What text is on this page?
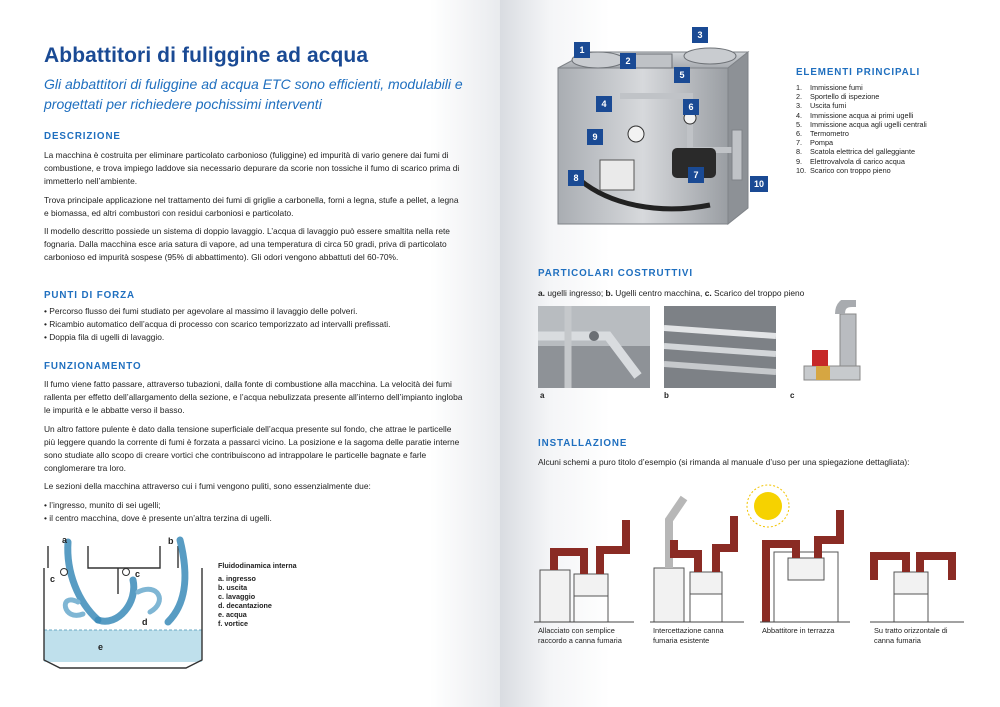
Abbattitori di fuliggine ad acqua

Gli abbattitori di fuliggine ad acqua ETC sono efficienti, modulabili e progettati per richiedere pochissimi interventi

DESCRIZIONE

La macchina è costruita per eliminare particolato carbonioso (fuliggine) ed impurità di vario genere dai fumi di combustione, e trova impiego laddove sia necessario depurare da scorie non tossiche il fumo di scarico prima di immetterlo nell’ambiente.

Trova principale applicazione nel trattamento dei fumi di griglie a carbonella, forni a legna, stufe a pellet, a legna e biomassa, ed altri combustori con residui carboniosi e particolato.

Il modello descritto possiede un sistema di doppio lavaggio. L’acqua di lavaggio può essere smaltita nella rete fognaria. Dalla macchina esce aria satura di vapore, ad una temperatura di circa 50 gradi, priva di particolato carbonioso ed impurità sospese (95% di abbattimento). Gli odori vengono abbattuti del 60-70%.

PUNTI DI FORZA
• Percorso flusso dei fumi studiato per agevolare al massimo il lavaggio delle polveri.
• Ricambio automatico dell’acqua di processo con scarico temporizzato ad intervalli prefissati.
• Doppia fila di ugelli di lavaggio.
FUNZIONAMENTO

Il fumo viene fatto passare, attraverso tubazioni, dalla fonte di combustione alla macchina. La velocità dei fumi rallenta per effetto dell’allargamento della sezione, e l’acqua nebulizzata presente all’interno dell’impianto ingloba le impurità e le abbatte verso il basso.

Un altro fattore pulente è dato dalla tensione superficiale dell’acqua presente sul fondo, che attrae le particelle più leggere quando la corrente di fumi è forzata a passarci vicino. La posizione e la sagoma delle paratie interne sono studiate allo scopo di creare vortici che contribuiscono ad intrappolare le particelle bagnate e farle conglomerare tra loro.

Le sezioni della macchina attraverso cui i fumi vengono puliti, sono essenzialmente due:

• l’ingresso, munito di sei ugelli;
• il centro macchina, dove è presente un’altra terzina di ugelli.
a	b
c	c
d
e
Fluidodinamica interna
a. ingresso
b. uscita
c. lavaggio
d. decantazione
e. acqua
f. vortice
1
2
3
4
5
6
7
8
9
10
ELEMENTI PRINCIPALI
1. Immissione fumi
2. Sportello di ispezione
3. Uscita fumi
4. Immissione acqua ai primi ugelli
5. Immissione acqua agli ugelli centrali
6. Termometro
7. Pompa
8. Scatola elettrica del galleggiante
9. Elettrovalvola di carico acqua
10. Scarico con troppo pieno
PARTICOLARI COSTRUTTIVI
a. ugelli ingresso; b. Ugelli centro macchina, c. Scarico del troppo pieno
a	b	c
INSTALLAZIONE
Alcuni schemi a puro titolo d’esempio (si rimanda al manuale d’uso per una spiegazione dettagliata):
Allacciato con semplice raccordo a canna fumaria
Intercettazione canna fumaria esistente
Abbattitore in terrazza	Su tratto orizzontale di canna fumaria
